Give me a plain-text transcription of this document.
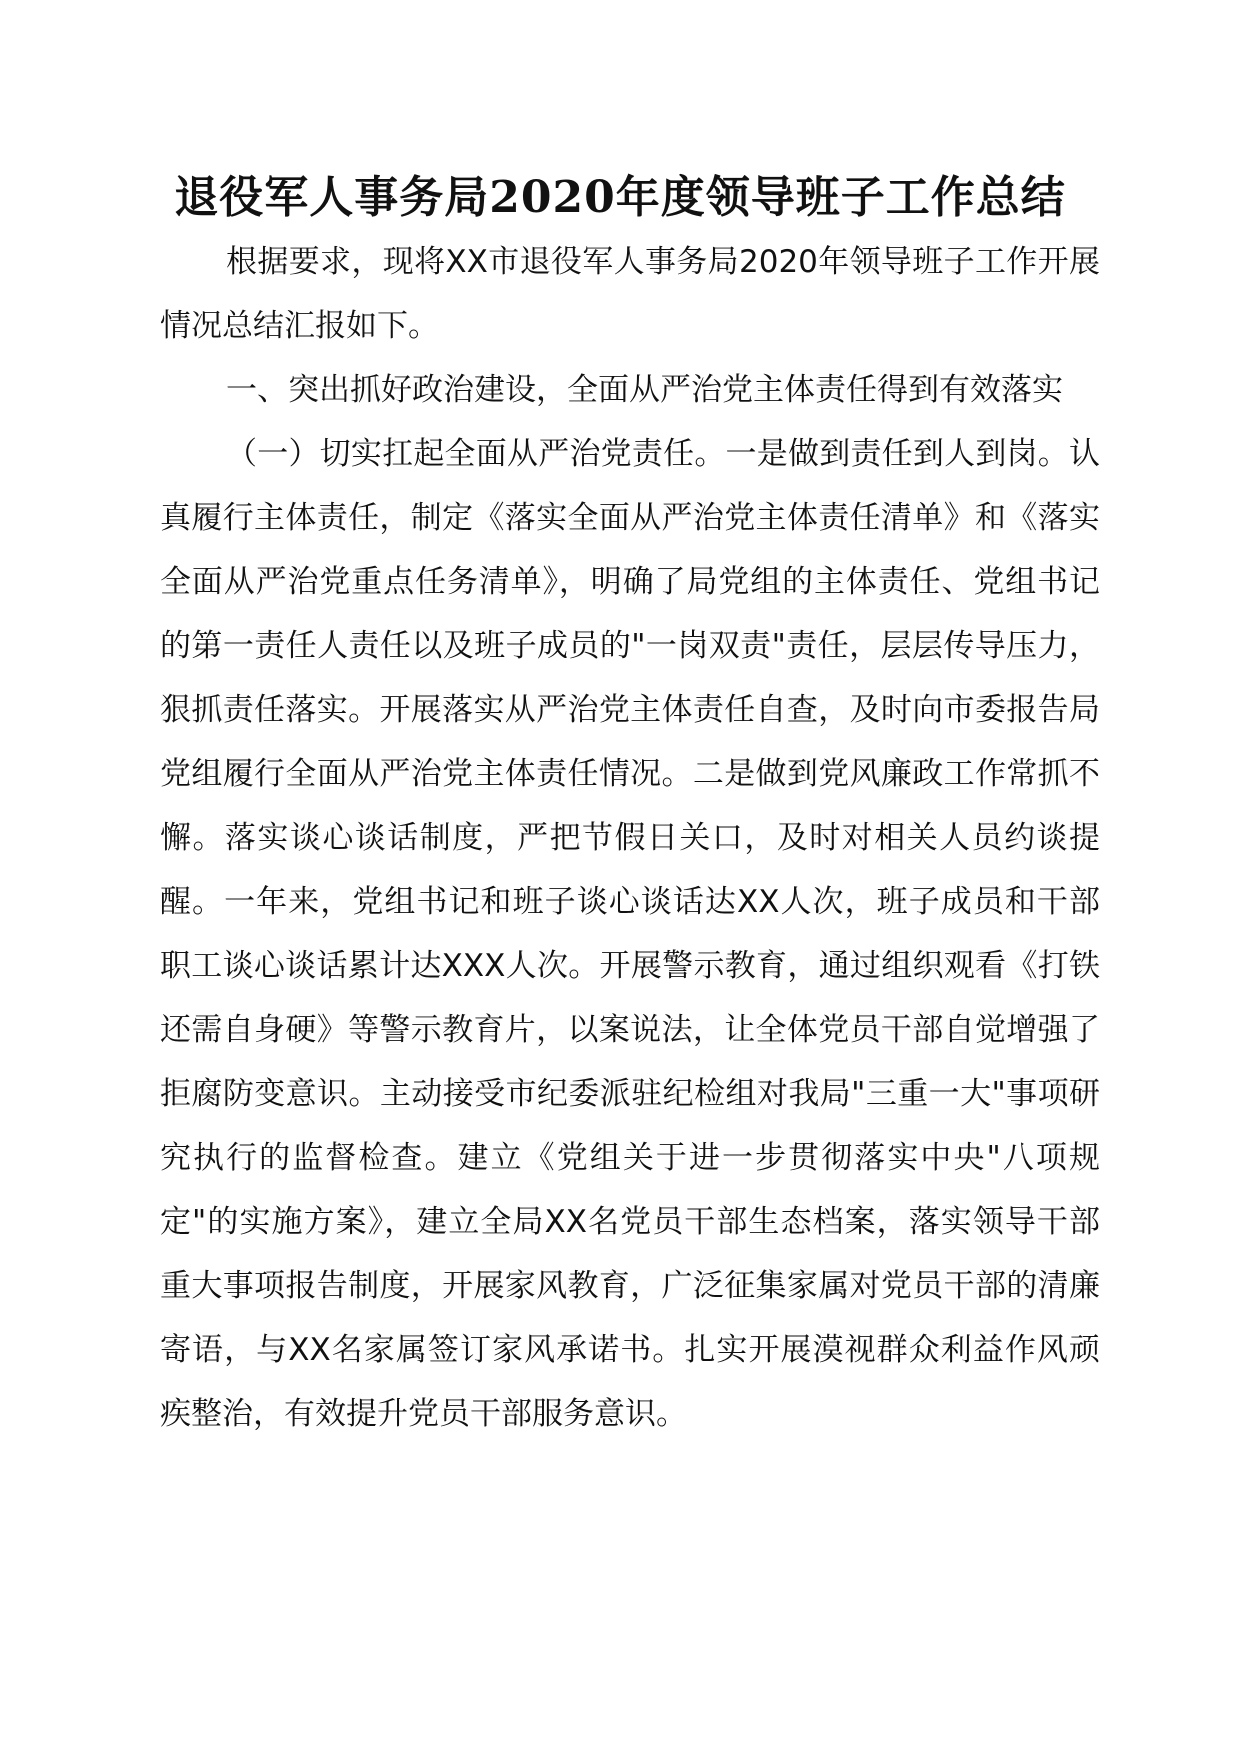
退役军人事务局2020年度领导班子工作总结

根据要求，现将XX市退役军人事务局2020年领导班子工作开展情况总结汇报如下。

一、突出抓好政治建设，全面从严治党主体责任得到有效落实

（一）切实扛起全面从严治党责任。一是做到责任到人到岗。认真履行主体责任，制定《落实全面从严治党主体责任清单》和《落实全面从严治党重点任务清单》，明确了局党组的主体责任、党组书记的第一责任人责任以及班子成员的"一岗双责"责任，层层传导压力，狠抓责任落实。开展落实从严治党主体责任自查，及时向市委报告局党组履行全面从严治党主体责任情况。二是做到党风廉政工作常抓不懈。落实谈心谈话制度，严把节假日关口，及时对相关人员约谈提醒。一年来，党组书记和班子谈心谈话达XX人次，班子成员和干部职工谈心谈话累计达XXX人次。开展警示教育，通过组织观看《打铁还需自身硬》等警示教育片，以案说法，让全体党员干部自觉增强了拒腐防变意识。主动接受市纪委派驻纪检组对我局"三重一大"事项研究执行的监督检查。建立《党组关于进一步贯彻落实中央"八项规定"的实施方案》，建立全局XX名党员干部生态档案，落实领导干部重大事项报告制度，开展家风教育，广泛征集家属对党员干部的清廉寄语，与XX名家属签订家风承诺书。扎实开展漠视群众利益作风顽疾整治，有效提升党员干部服务意识。
